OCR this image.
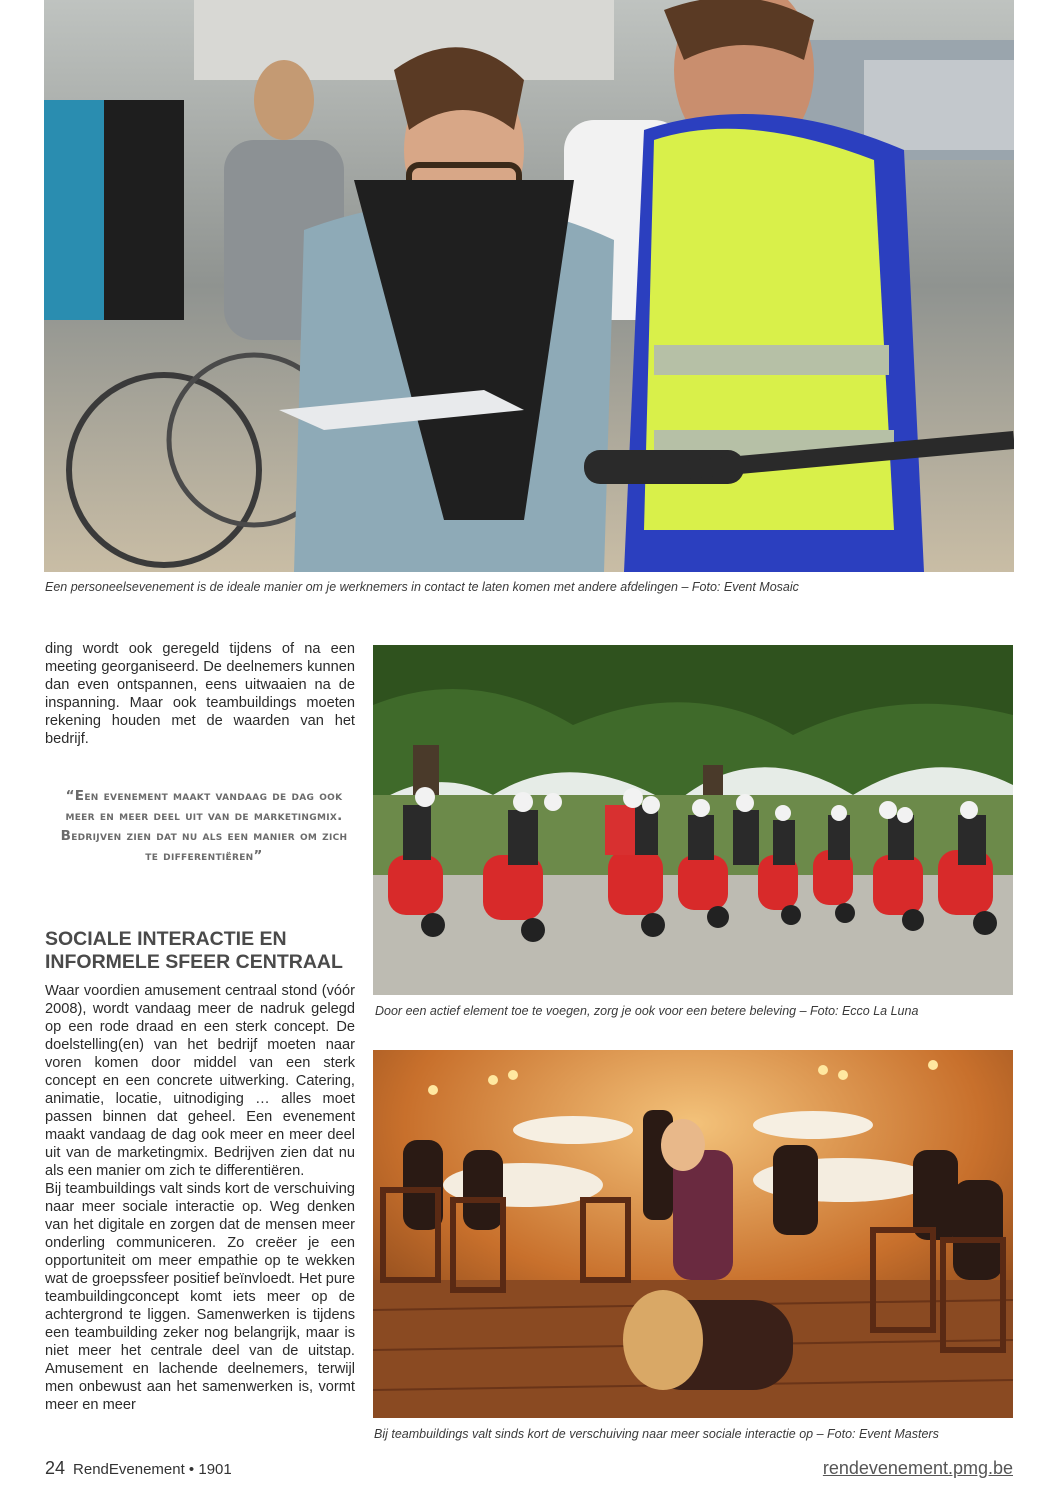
Een personeelsevenement is de ideale manier om je werknemers in contact te laten komen met andere afdelingen – Foto: Event Mosaic

ding wordt ook geregeld tijdens of na een meeting georganiseerd. De deelnemers kunnen dan even ontspannen, eens uitwaaien na de inspanning. Maar ook teambuildings moeten rekening houden met de waarden van het bedrijf.

“Een evenement maakt vandaag de dag ook meer en meer deel uit van de marketingmix. Bedrijven zien dat nu als een manier om zich te differentiëren”
SOCIALE INTERACTIE EN INFORMELE SFEER CENTRAAL

Waar voordien amusement centraal stond (vóór 2008), wordt vandaag meer de nadruk gelegd op een rode draad en een sterk concept. De doelstelling(en) van het bedrijf moeten naar voren komen door middel van een sterk concept en een concrete uitwerking. Catering, animatie, locatie, uitnodiging … alles moet passen binnen dat geheel. Een evenement maakt vandaag de dag ook meer en meer deel uit van de marketingmix. Bedrijven zien dat nu als een manier om zich te differentiëren.

Bij teambuildings valt sinds kort de verschuiving naar meer sociale interactie op. Weg denken van het digitale en zorgen dat de mensen meer onderling communiceren. Zo creëer je een opportuniteit om meer empathie op te wekken wat de groepssfeer positief beïnvloedt. Het pure teambuildingconcept komt iets meer op de achtergrond te liggen. Samenwerken is tijdens een teambuilding zeker nog belangrijk, maar is niet meer het centrale deel van de uitstap. Amusement en lachende deelnemers, terwijl men onbewust aan het samenwerken is, vormt meer en meer

Door een actief element toe te voegen, zorg je ook voor een betere beleving – Foto: Ecco La Luna
Bij teambuildings valt sinds kort de verschuiving naar meer sociale interactie op – Foto: Event Masters
24 RendEvenement • 1901	rendevenement.pmg.be
